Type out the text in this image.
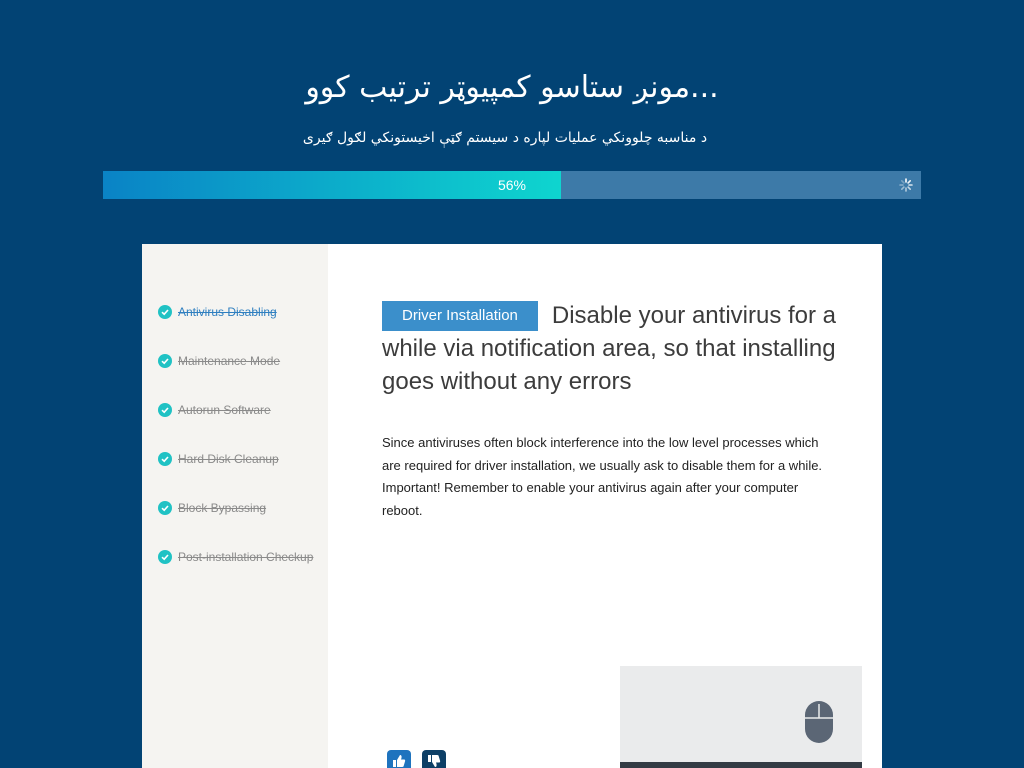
...مونږ ستاسو کمپیوټر ترتیب کوو
د مناسبه چلوونکي عملیات لپاره د سیستم ګټې اخیستونکي لګول ګیری
56%
Antivirus Disabling
Maintenance Mode
Autorun Software
Hard Disk Cleanup
Block Bypassing
Post-installation Checkup
Driver Installation Disable your antivirus for a while via notification area, so that installing goes without any errors
Since antiviruses often block interference into the low level processes which are required for driver installation, we usually ask to disable them for a while. Important! Remember to enable your antivirus again after your computer reboot.
